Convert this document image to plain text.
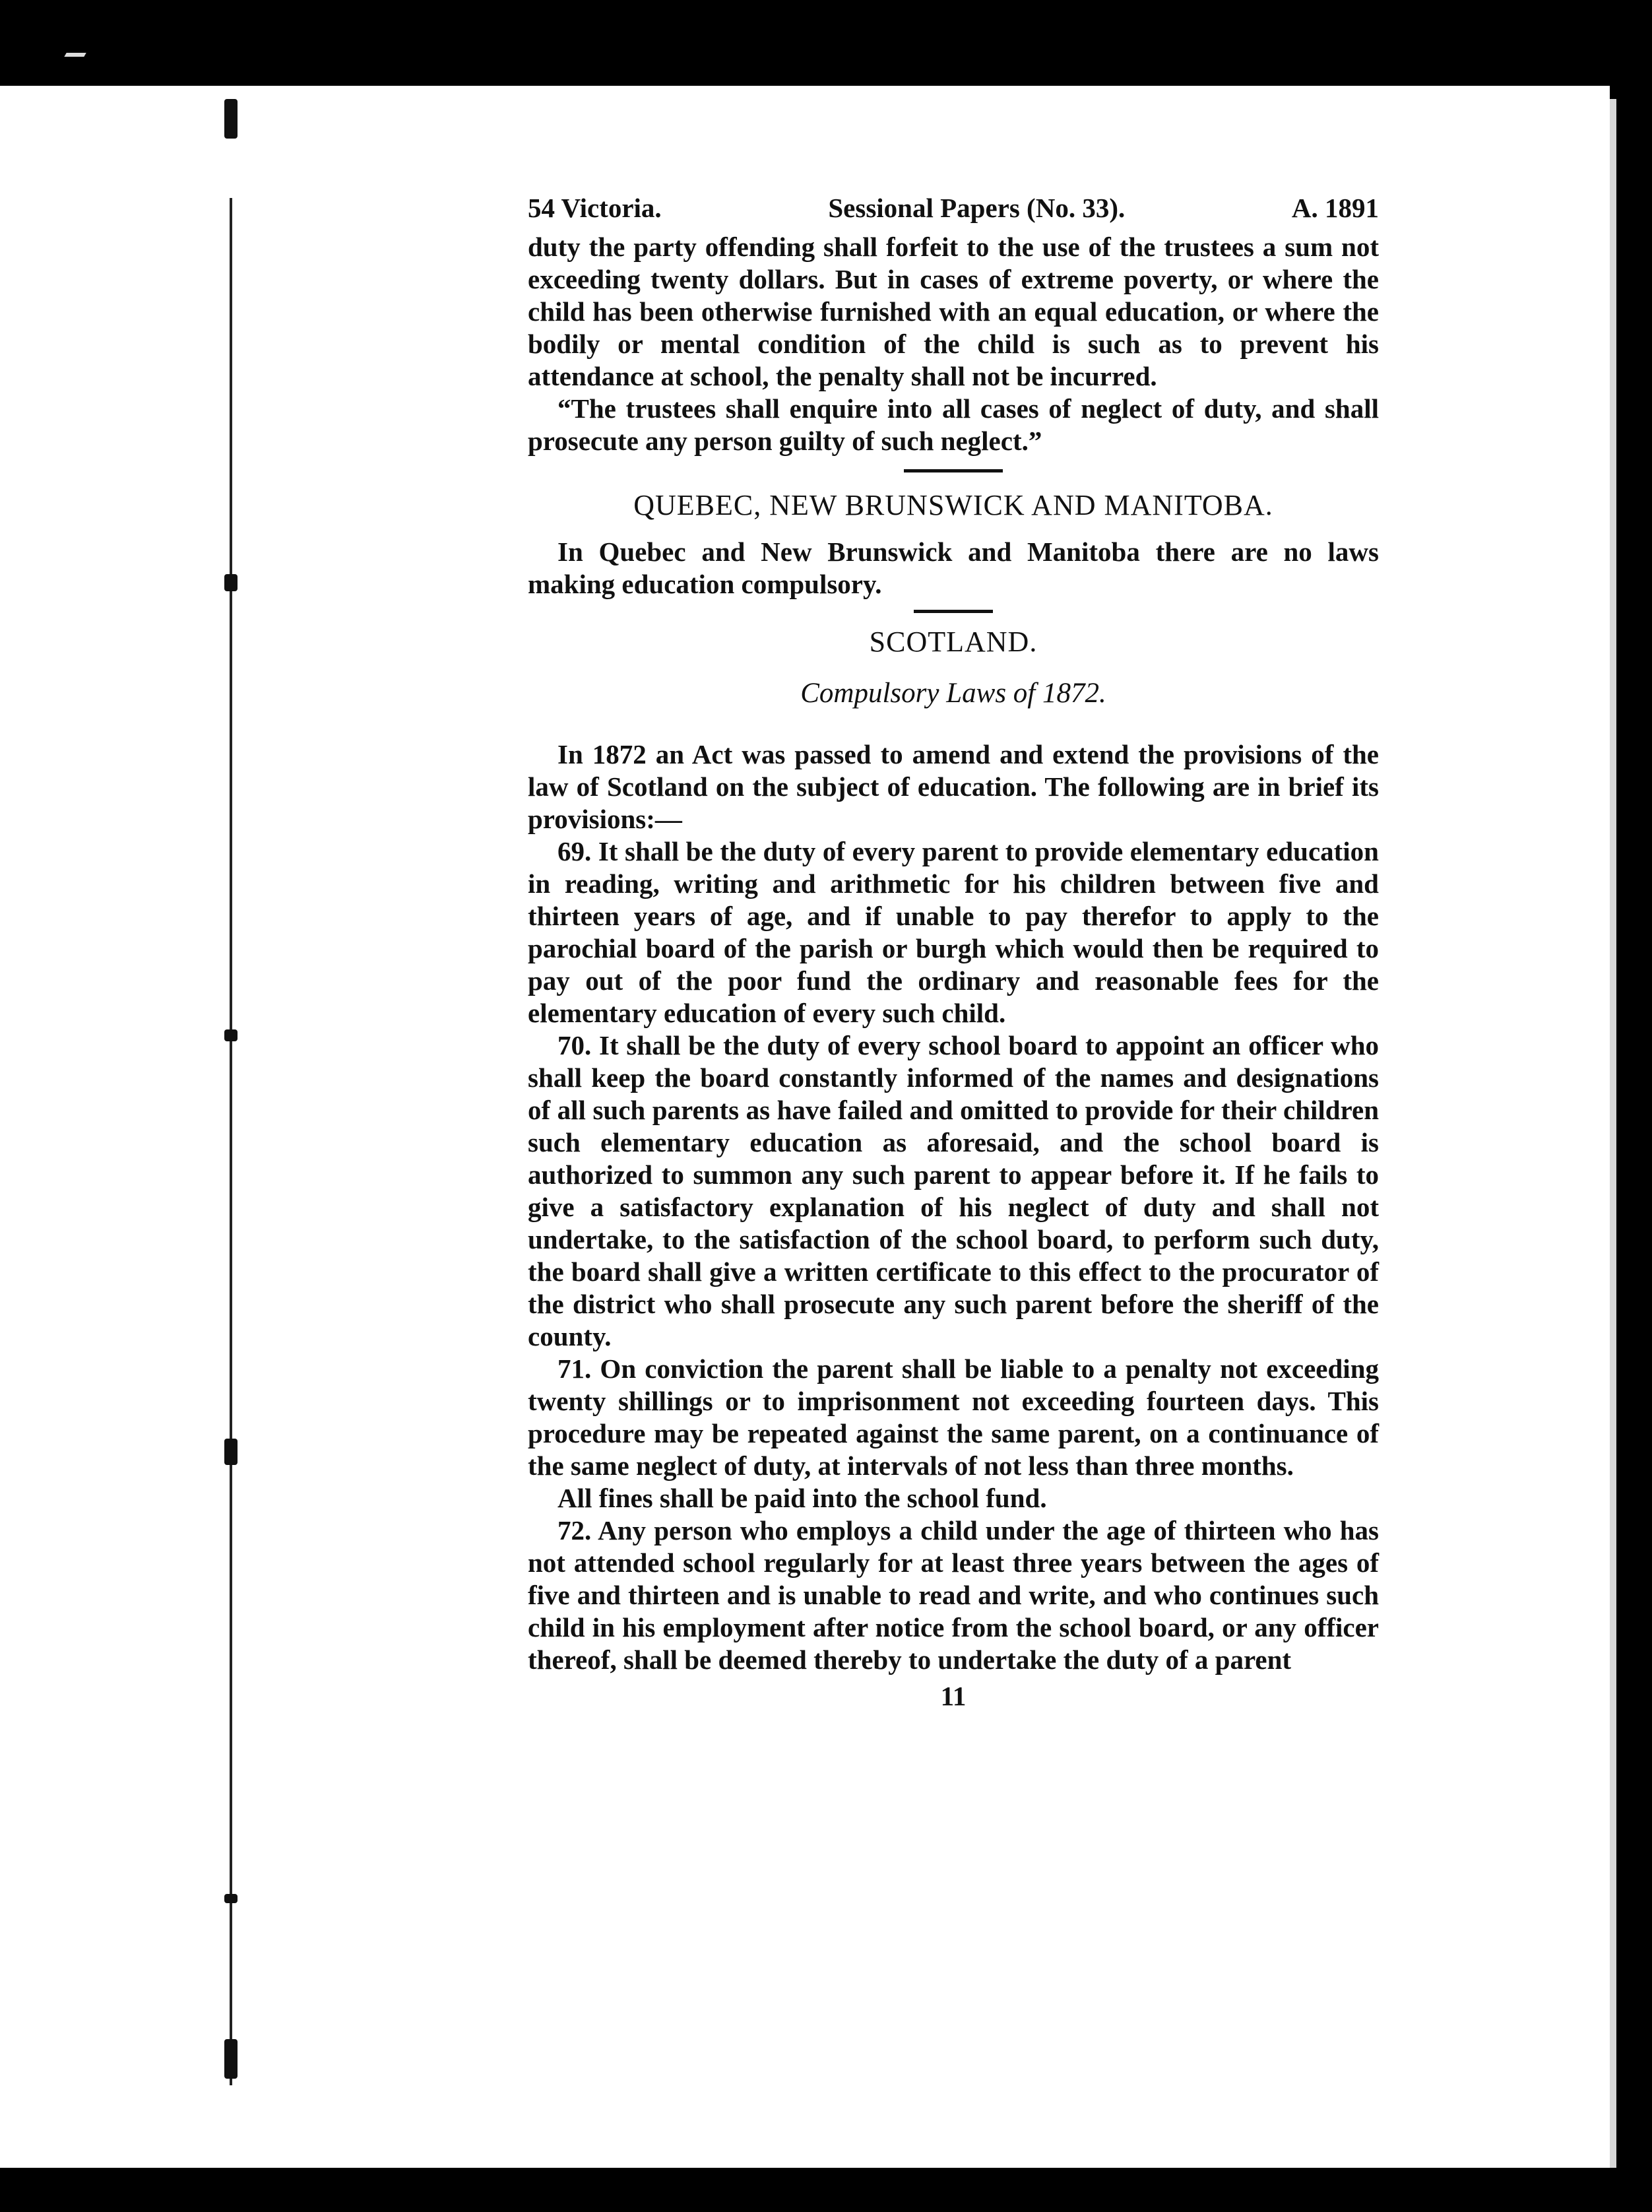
54 Victoria.	Sessional Papers (No. 33).	A. 1891

duty the party offending shall forfeit to the use of the trustees a sum not exceeding twenty dollars. But in cases of extreme poverty, or where the child has been otherwise furnished with an equal education, or where the bodily or mental condition of the child is such as to prevent his attendance at school, the penalty shall not be incurred.

“The trustees shall enquire into all cases of neglect of duty, and shall prosecute any person guilty of such neglect.”

QUEBEC, NEW BRUNSWICK AND MANITOBA.

In Quebec and New Brunswick and Manitoba there are no laws making education compulsory.

SCOTLAND.
Compulsory Laws of 1872.

In 1872 an Act was passed to amend and extend the provisions of the law of Scotland on the subject of education. The following are in brief its provisions:—

69. It shall be the duty of every parent to provide elementary education in reading, writing and arithmetic for his children between five and thirteen years of age, and if unable to pay therefor to apply to the parochial board of the parish or burgh which would then be required to pay out of the poor fund the ordinary and reasonable fees for the elementary education of every such child.

70. It shall be the duty of every school board to appoint an officer who shall keep the board constantly informed of the names and designations of all such parents as have failed and omitted to provide for their children such elementary education as aforesaid, and the school board is authorized to summon any such parent to appear before it. If he fails to give a satisfactory explanation of his neglect of duty and shall not undertake, to the satisfaction of the school board, to perform such duty, the board shall give a written certificate to this effect to the procurator of the district who shall prosecute any such parent before the sheriff of the county.

71. On conviction the parent shall be liable to a penalty not exceeding twenty shillings or to imprisonment not exceeding fourteen days. This procedure may be repeated against the same parent, on a continuance of the same neglect of duty, at intervals of not less than three months.

All fines shall be paid into the school fund.

72. Any person who employs a child under the age of thirteen who has not attended school regularly for at least three years between the ages of five and thirteen and is unable to read and write, and who continues such child in his employment after notice from the school board, or any officer thereof, shall be deemed thereby to undertake the duty of a parent

11
